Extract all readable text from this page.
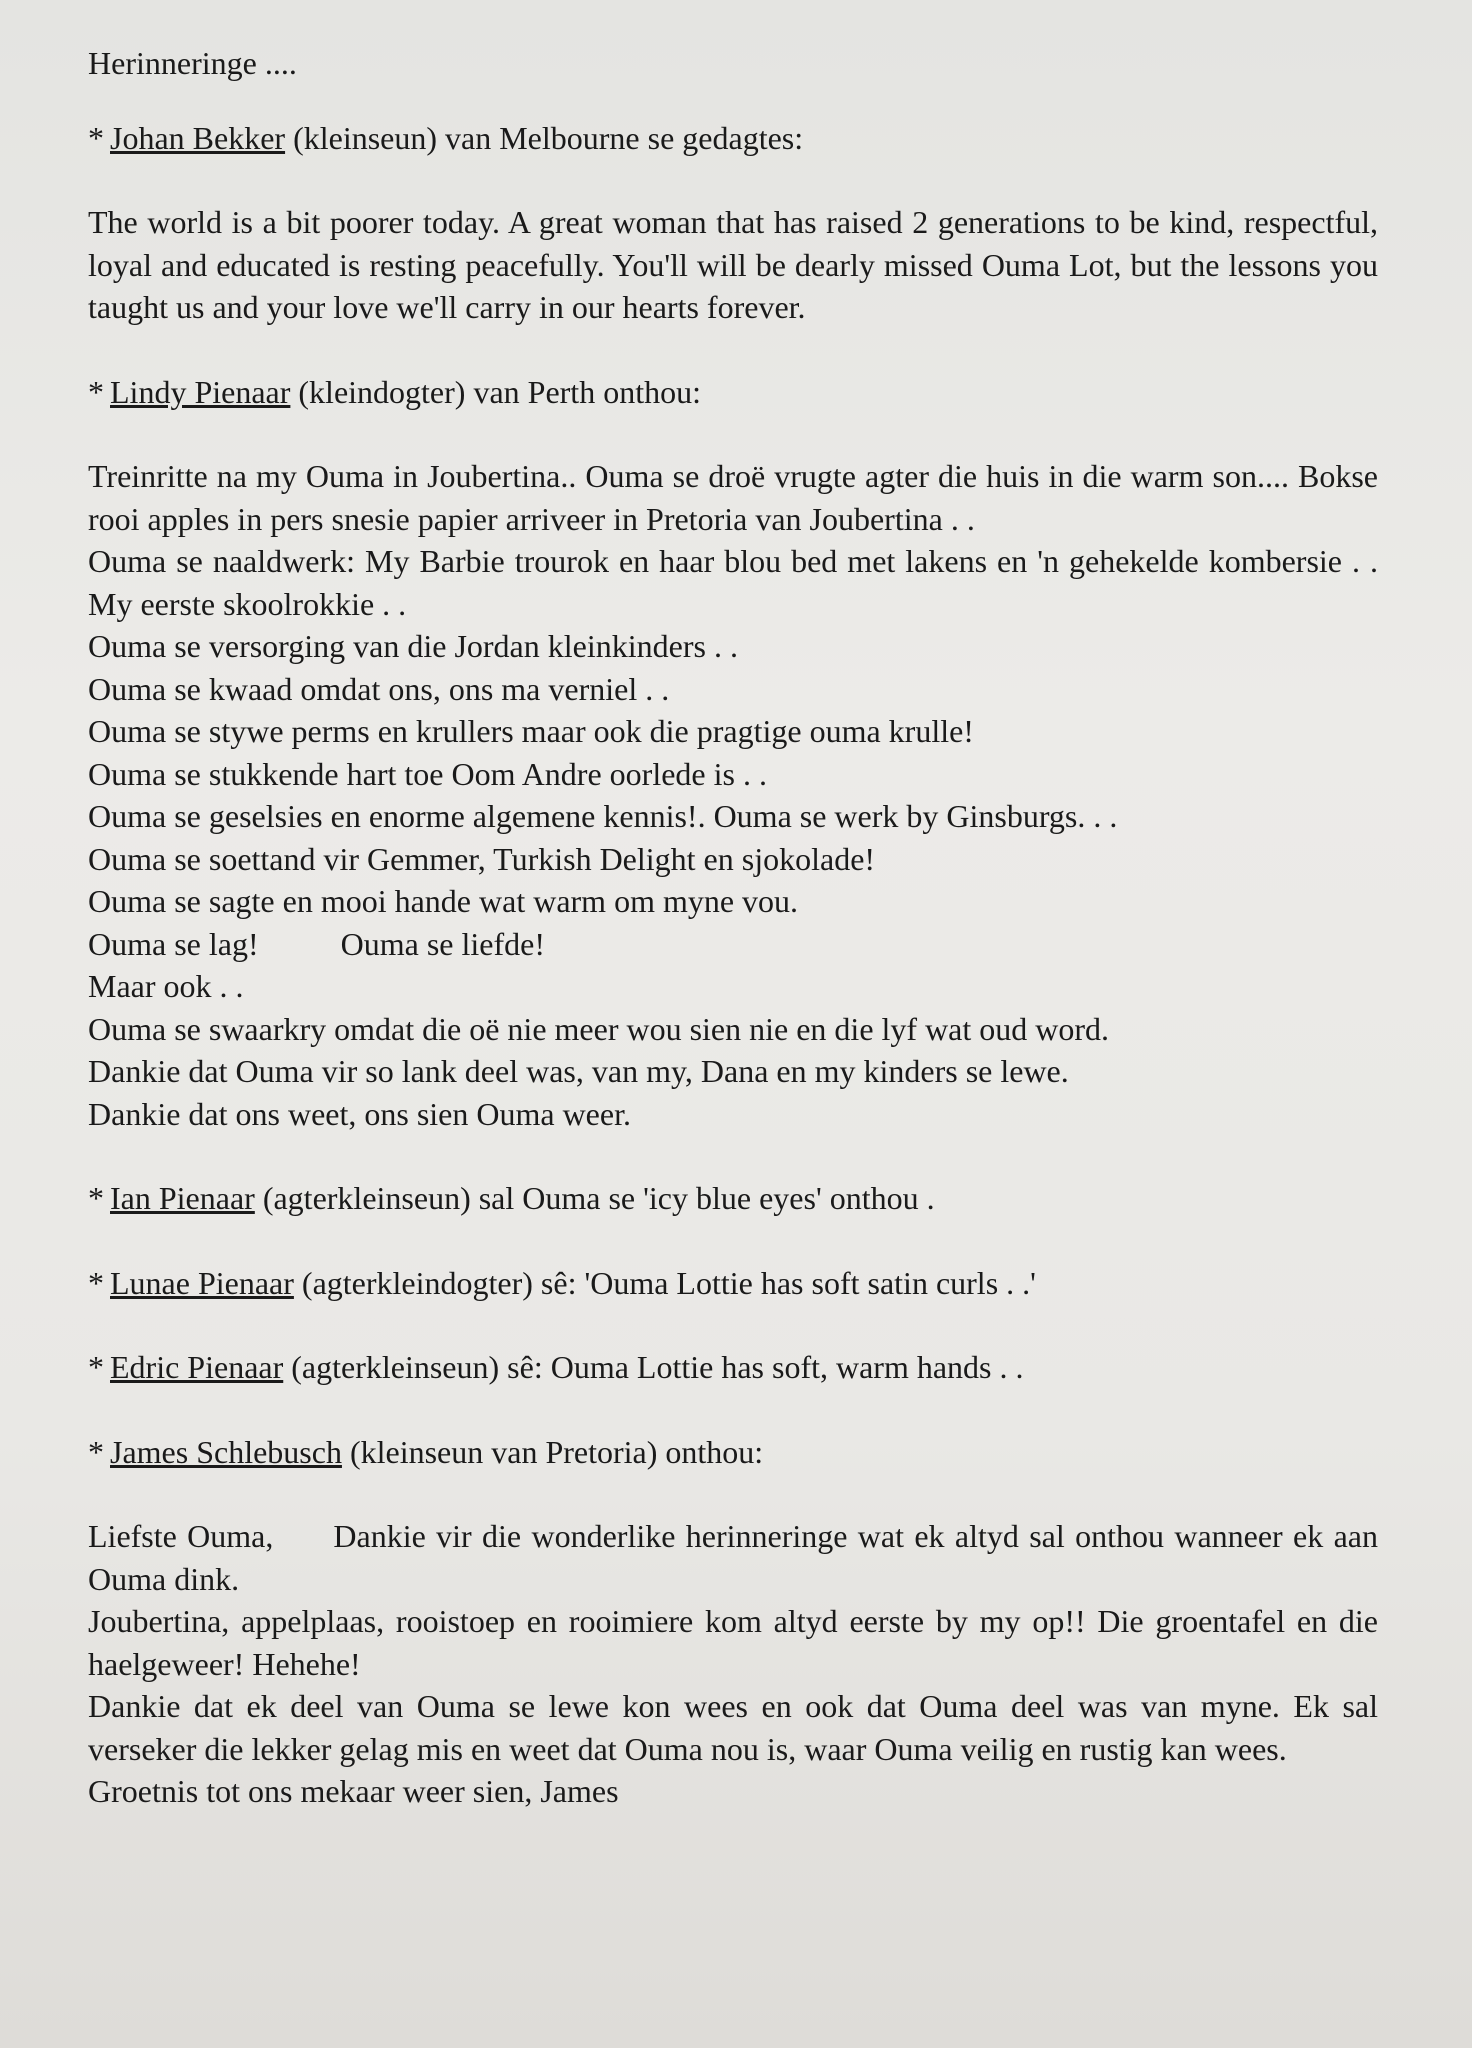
Herinneringe ....

* Johan Bekker (kleinseun) van Melbourne se gedagtes:

The world is a bit poorer today. A great woman that has raised 2 generations to be kind, respectful, loyal and educated is resting peacefully. You'll will be dearly missed Ouma Lot, but the lessons you taught us and your love we'll carry in our hearts forever.

* Lindy Pienaar (kleindogter) van Perth onthou:

Treinritte na my Ouma in Joubertina.. Ouma se droë vrugte agter die huis in die warm son.... Bokse rooi apples in pers snesie papier arriveer in Pretoria van Joubertina . .

Ouma se naaldwerk: My Barbie trourok en haar blou bed met lakens en 'n gehekelde kombersie . . My eerste skoolrokkie . .

Ouma se versorging van die Jordan kleinkinders . .

Ouma se kwaad omdat ons, ons ma verniel . .

Ouma se stywe perms en krullers maar ook die pragtige ouma krulle!

Ouma se stukkende hart toe Oom Andre oorlede is . .

Ouma se geselsies en enorme algemene kennis!. Ouma se werk by Ginsburgs. . .

Ouma se soettand vir Gemmer, Turkish Delight en sjokolade!

Ouma se sagte en mooi hande wat warm om myne vou.

Ouma se lag!	Ouma se liefde!

Maar ook . .

Ouma se swaarkry omdat die oë nie meer wou sien nie en die lyf wat oud word.

Dankie dat Ouma vir so lank deel was, van my, Dana en my kinders se lewe.

Dankie dat ons weet, ons sien Ouma weer.

* Ian Pienaar (agterkleinseun) sal Ouma se 'icy blue eyes' onthou .

* Lunae Pienaar (agterkleindogter) sê: 'Ouma Lottie has soft satin curls . .'

* Edric Pienaar (agterkleinseun) sê: Ouma Lottie has soft, warm hands . .

* James Schlebusch (kleinseun van Pretoria) onthou:

Liefste Ouma, Dankie vir die wonderlike herinneringe wat ek altyd sal onthou wanneer ek aan Ouma dink.

Joubertina, appelplaas, rooistoep en rooimiere kom altyd eerste by my op!! Die groentafel en die haelgeweer! Hehehe!

Dankie dat ek deel van Ouma se lewe kon wees en ook dat Ouma deel was van myne. Ek sal verseker die lekker gelag mis en weet dat Ouma nou is, waar Ouma veilig en rustig kan wees.

Groetnis tot ons mekaar weer sien, James
